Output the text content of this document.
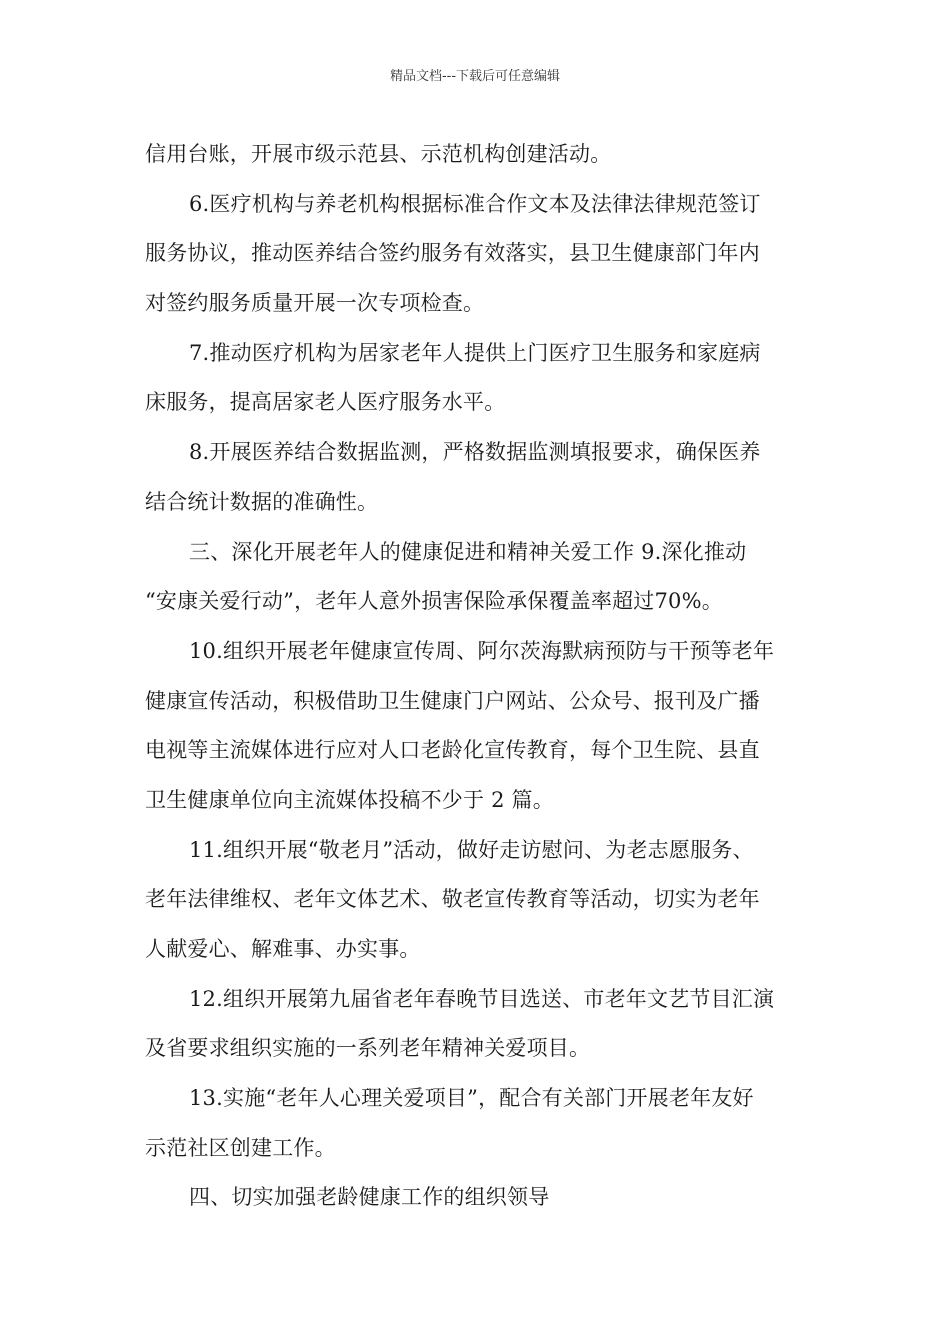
精品文档---下载后可任意编辑
信用台账，开展市级示范县、示范机构创建活动。
6.医疗机构与养老机构根据标准合作文本及法律法律规范签订
服务协议，推动医养结合签约服务有效落实，县卫生健康部门年内
对签约服务质量开展一次专项检查。
7.推动医疗机构为居家老年人提供上门医疗卫生服务和家庭病
床服务，提高居家老人医疗服务水平。
8.开展医养结合数据监测，严格数据监测填报要求，确保医养
结合统计数据的准确性。
三、深化开展老年人的健康促进和精神关爱工作 9.深化推动
“安康关爱行动”，老年人意外损害保险承保覆盖率超过70%。
10.组织开展老年健康宣传周、阿尔茨海默病预防与干预等老年
健康宣传活动，积极借助卫生健康门户网站、公众号、报刊及广播
电视等主流媒体进行应对人口老龄化宣传教育，每个卫生院、县直
卫生健康单位向主流媒体投稿不少于 2 篇。
11.组织开展“敬老月”活动，做好走访慰问、为老志愿服务、
老年法律维权、老年文体艺术、敬老宣传教育等活动，切实为老年
人献爱心、解难事、办实事。
12.组织开展第九届省老年春晚节目选送、市老年文艺节目汇演
及省要求组织实施的一系列老年精神关爱项目。
13.实施“老年人心理关爱项目”，配合有关部门开展老年友好
示范社区创建工作。
四、切实加强老龄健康工作的组织领导
